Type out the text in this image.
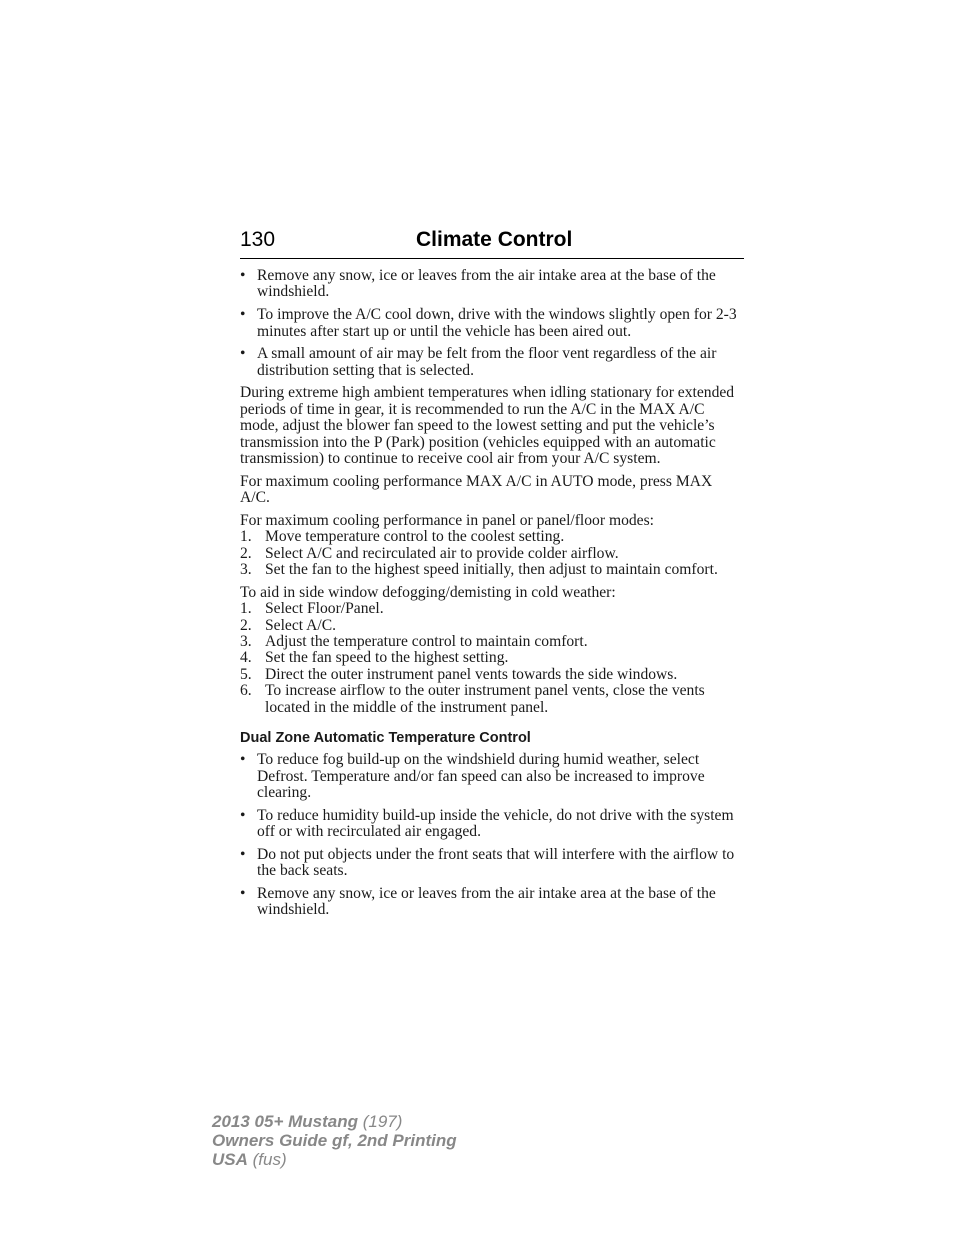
130	Climate Control
• Remove any snow, ice or leaves from the air intake area at the base of the windshield.
• To improve the A/C cool down, drive with the windows slightly open for 2-3 minutes after start up or until the vehicle has been aired out.
• A small amount of air may be felt from the floor vent regardless of the air distribution setting that is selected.

During extreme high ambient temperatures when idling stationary for extended periods of time in gear, it is recommended to run the A/C in the MAX A/C mode, adjust the blower fan speed to the lowest setting and put the vehicle’s transmission into the P (Park) position (vehicles equipped with an automatic transmission) to continue to receive cool air from your A/C system.

For maximum cooling performance MAX A/C in AUTO mode, press MAX A/C.

For maximum cooling performance in panel or panel/floor modes:
1. Move temperature control to the coolest setting.
2. Select A/C and recirculated air to provide colder airflow.
3. Set the fan to the highest speed initially, then adjust to maintain comfort.
To aid in side window defogging/demisting in cold weather:
1. Select Floor/Panel.
2. Select A/C.
3. Adjust the temperature control to maintain comfort.
4. Set the fan speed to the highest setting.
5. Direct the outer instrument panel vents towards the side windows.
6. To increase airflow to the outer instrument panel vents, close the vents located in the middle of the instrument panel.
Dual Zone Automatic Temperature Control
• To reduce fog build-up on the windshield during humid weather, select Defrost. Temperature and/or fan speed can also be increased to improve clearing.
• To reduce humidity build-up inside the vehicle, do not drive with the system off or with recirculated air engaged.
• Do not put objects under the front seats that will interfere with the airflow to the back seats.
• Remove any snow, ice or leaves from the air intake area at the base of the windshield.
2013 05+ Mustang (197)
Owners Guide gf, 2nd Printing
USA (fus)
